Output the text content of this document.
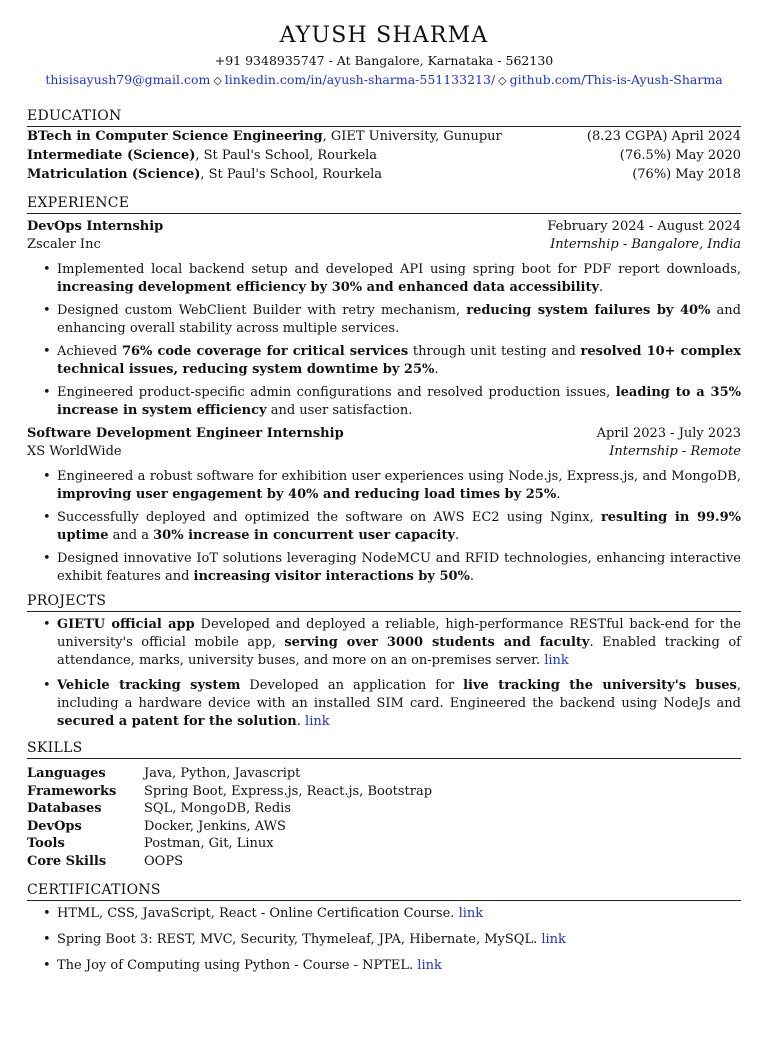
AYUSH SHARMA
+91 9348935747 - At Bangalore, Karnataka - 562130
thisisayush79@gmail.com ◇ linkedin.com/in/ayush-sharma-551133213/ ◇ github.com/This-is-Ayush-Sharma
EDUCATION
BTech in Computer Science Engineering, GIET University, Gunupur	(8.23 CGPA) April 2024
Intermediate (Science), St Paul's School, Rourkela	(76.5%) May 2020
Matriculation (Science), St Paul's School, Rourkela	(76%) May 2018
EXPERIENCE
DevOps Internship	February 2024 - August 2024
Zscaler Inc	Internship - Bangalore, India
• Implemented local backend setup and developed API using spring boot for PDF report downloads, increasing development efficiency by 30% and enhanced data accessibility.
• Designed custom WebClient Builder with retry mechanism, reducing system failures by 40% and enhancing overall stability across multiple services.
• Achieved 76% code coverage for critical services through unit testing and resolved 10+ complex technical issues, reducing system downtime by 25%.
• Engineered product-specific admin configurations and resolved production issues, leading to a 35% increase in system efficiency and user satisfaction.
Software Development Engineer Internship	April 2023 - July 2023
XS WorldWide	Internship - Remote
• Engineered a robust software for exhibition user experiences using Node.js, Express.js, and MongoDB, improving user engagement by 40% and reducing load times by 25%.
• Successfully deployed and optimized the software on AWS EC2 using Nginx, resulting in 99.9% uptime and a 30% increase in concurrent user capacity.
• Designed innovative IoT solutions leveraging NodeMCU and RFID technologies, enhancing interactive exhibit features and increasing visitor interactions by 50%.
PROJECTS
• GIETU official app Developed and deployed a reliable, high-performance RESTful back-end for the university's official mobile app, serving over 3000 students and faculty. Enabled tracking of attendance, marks, university buses, and more on an on-premises server. link
• Vehicle tracking system Developed an application for live tracking the university's buses, including a hardware device with an installed SIM card. Engineered the backend using NodeJs and secured a patent for the solution. link
SKILLS
Languages	Java, Python, Javascript
Frameworks	Spring Boot, Express.js, React.js, Bootstrap
Databases	SQL, MongoDB, Redis
DevOps	Docker, Jenkins, AWS
Tools	Postman, Git, Linux
Core Skills	OOPS
CERTIFICATIONS
• HTML, CSS, JavaScript, React - Online Certification Course. link
• Spring Boot 3: REST, MVC, Security, Thymeleaf, JPA, Hibernate, MySQL. link
• The Joy of Computing using Python - Course - NPTEL. link
